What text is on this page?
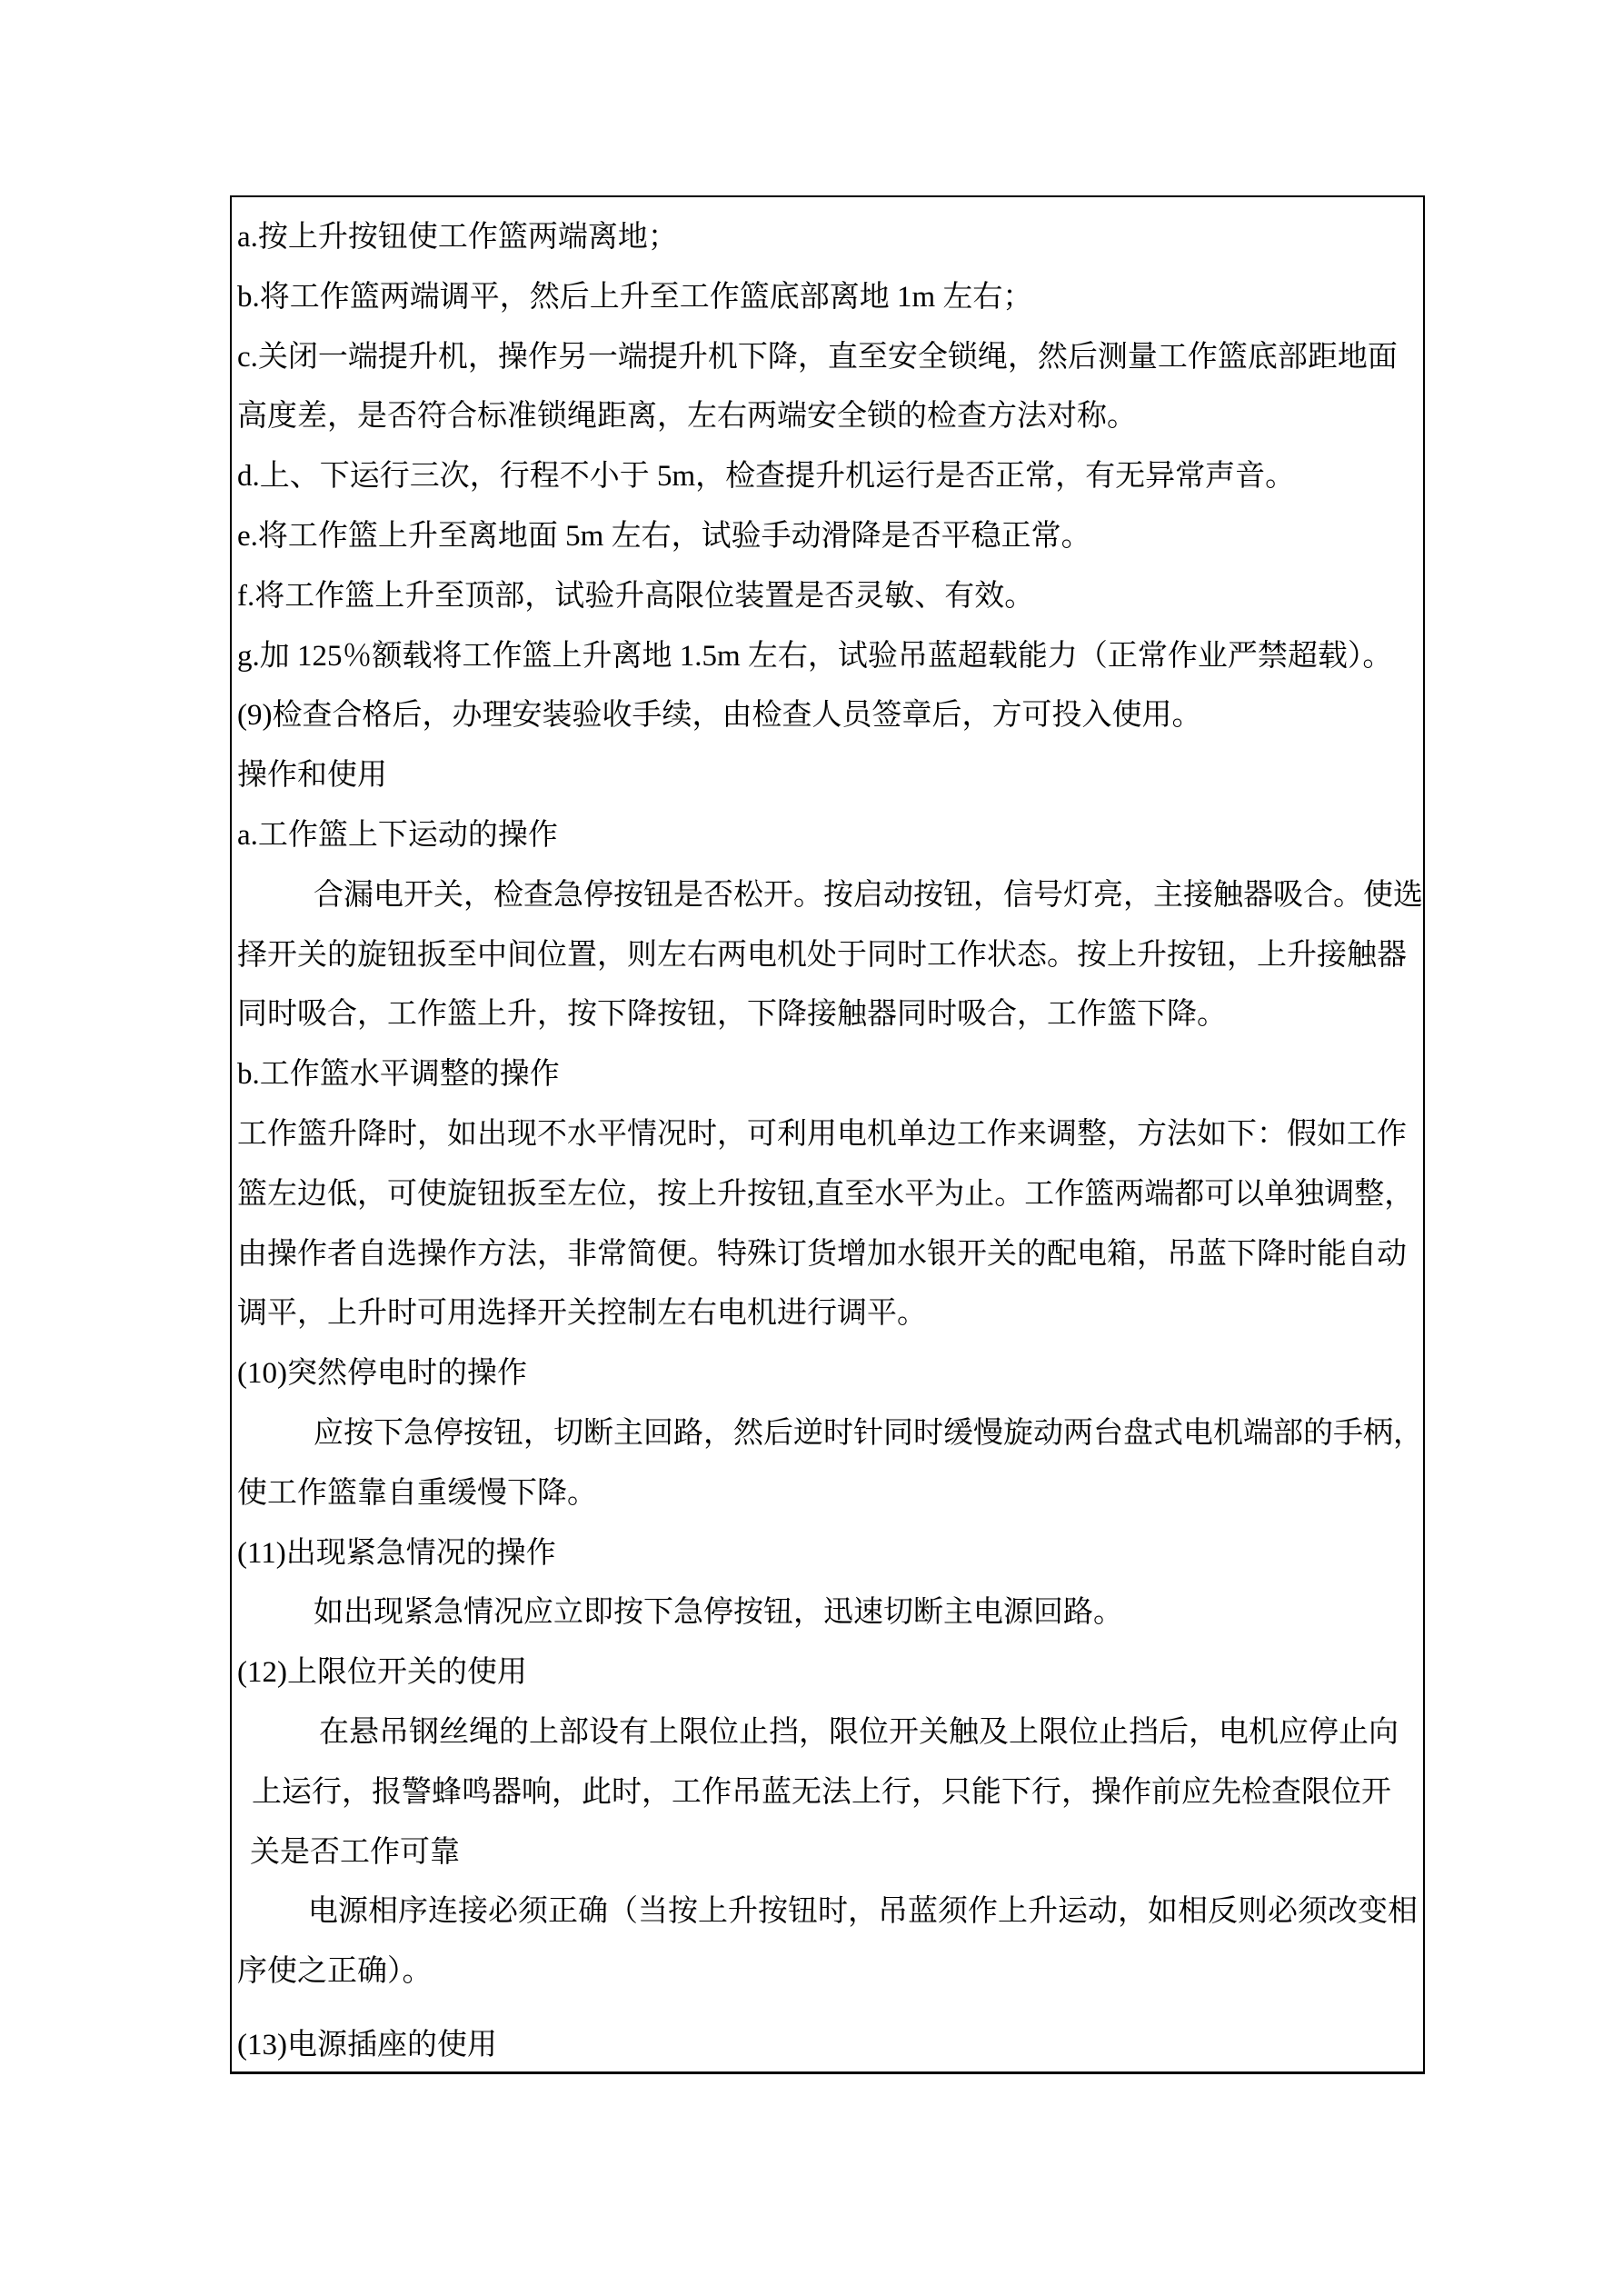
a.按上升按钮使工作篮两端离地；
b.将工作篮两端调平，然后上升至工作篮底部离地 1m 左右；
c.关闭一端提升机，操作另一端提升机下降，直至安全锁绳，然后测量工作篮底部距地面
高度差，是否符合标准锁绳距离，左右两端安全锁的检查方法对称。
d.上、下运行三次，行程不小于 5m，检查提升机运行是否正常，有无异常声音。
e.将工作篮上升至离地面 5m 左右，试验手动滑降是否平稳正常。
f.将工作篮上升至顶部，试验升高限位装置是否灵敏、有效。
g.加 125％额载将工作篮上升离地 1.5m 左右，试验吊蓝超载能力（正常作业严禁超载）。
(9)检查合格后，办理安装验收手续，由检查人员签章后，方可投入使用。
操作和使用
a.工作篮上下运动的操作
合漏电开关，检查急停按钮是否松开。按启动按钮，信号灯亮，主接触器吸合。使选
择开关的旋钮扳至中间位置，则左右两电机处于同时工作状态。按上升按钮，上升接触器
同时吸合，工作篮上升，按下降按钮，下降接触器同时吸合，工作篮下降。
b.工作篮水平调整的操作
工作篮升降时，如出现不水平情况时，可利用电机单边工作来调整，方法如下：假如工作
篮左边低，可使旋钮扳至左位，按上升按钮,直至水平为止。工作篮两端都可以单独调整，
由操作者自选操作方法，非常简便。特殊订货增加水银开关的配电箱，吊蓝下降时能自动
调平，上升时可用选择开关控制左右电机进行调平。
(10)突然停电时的操作
应按下急停按钮，切断主回路，然后逆时针同时缓慢旋动两台盘式电机端部的手柄，
使工作篮靠自重缓慢下降。
(11)出现紧急情况的操作
如出现紧急情况应立即按下急停按钮，迅速切断主电源回路。
(12)上限位开关的使用
在悬吊钢丝绳的上部设有上限位止挡，限位开关触及上限位止挡后，电机应停止向
上运行，报警蜂鸣器响，此时，工作吊蓝无法上行，只能下行，操作前应先检查限位开
关是否工作可靠
电源相序连接必须正确（当按上升按钮时，吊蓝须作上升运动，如相反则必须改变相
序使之正确）。
(13)电源插座的使用
